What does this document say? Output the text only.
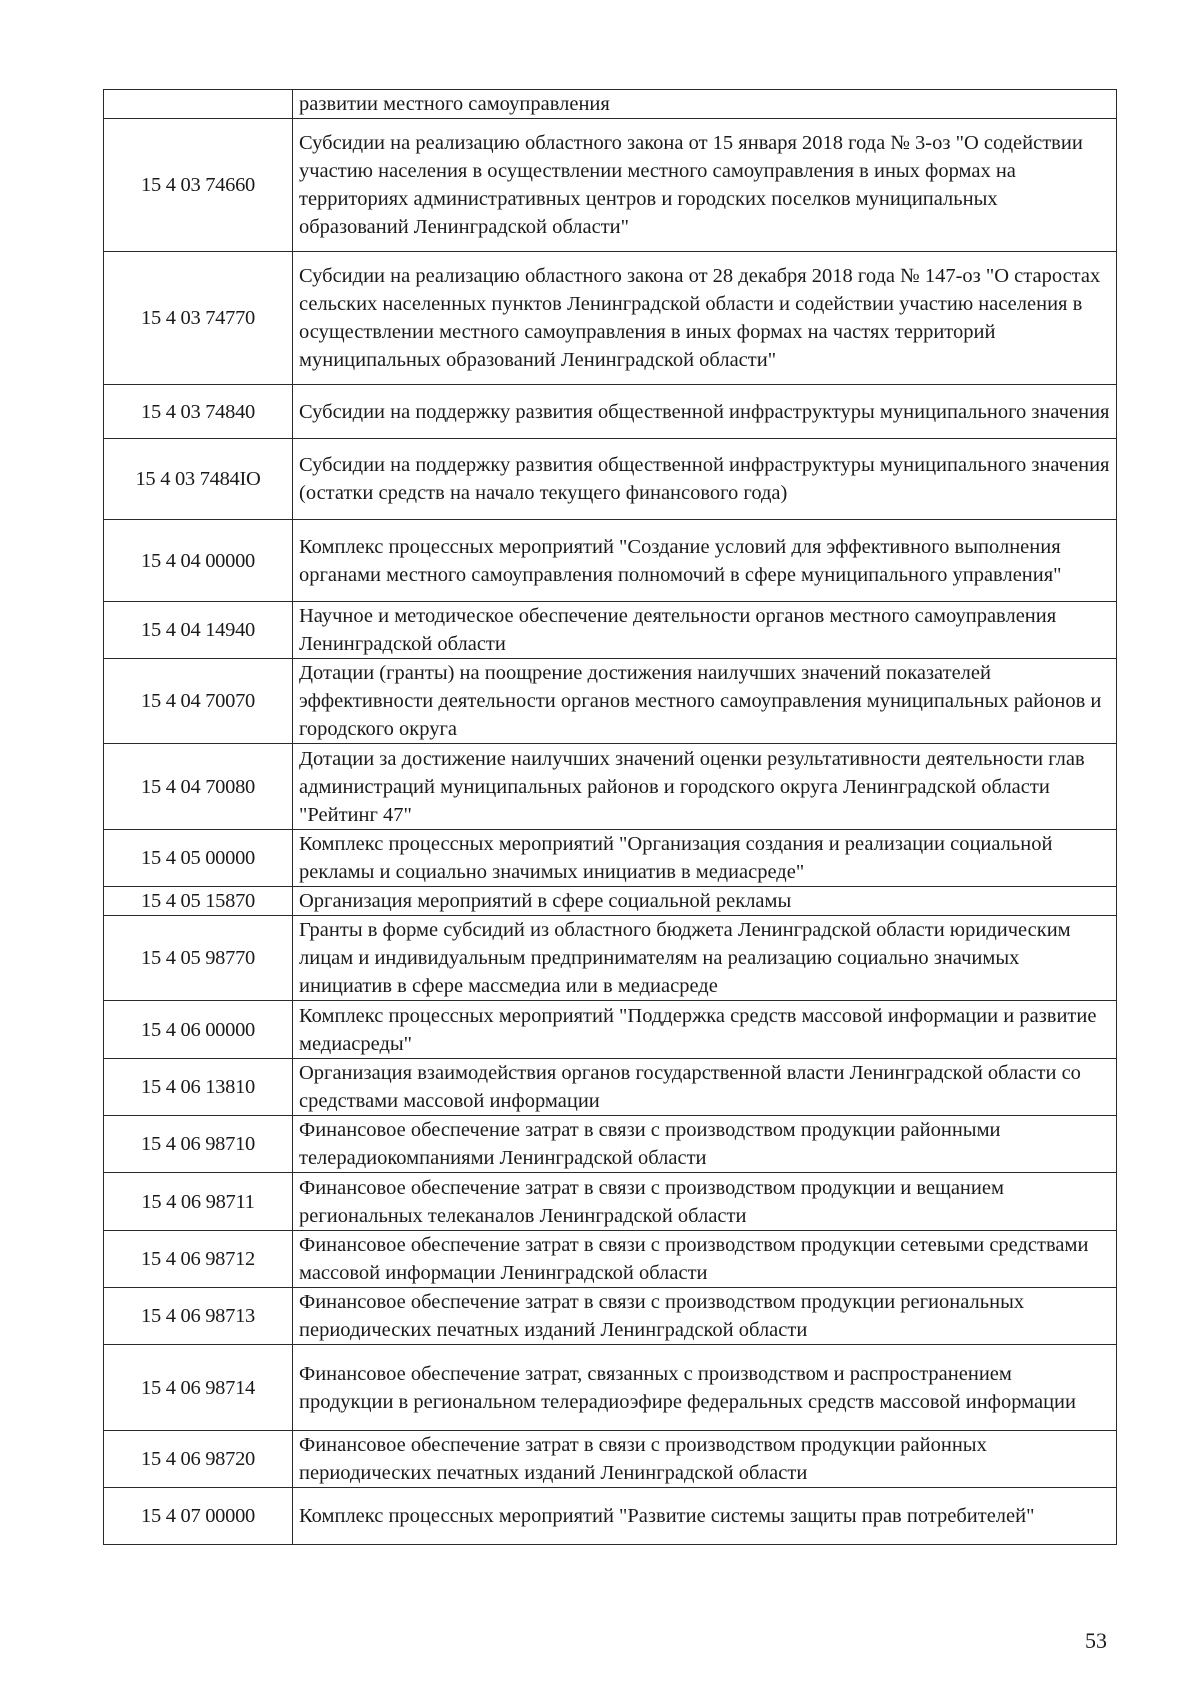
	развитии местного самоуправления
15 4 03 74660	Субсидии на реализацию областного закона от 15 января 2018 года № 3-оз "О содействии участию населения в осуществлении местного самоуправления в иных формах на территориях административных центров и городских поселков муниципальных образований Ленинградской области"
15 4 03 74770	Субсидии на реализацию областного закона от 28 декабря 2018 года № 147-оз "О старостах сельских населенных пунктов Ленинградской области и содействии участию населения в осуществлении местного самоуправления в иных формах на частях территорий муниципальных образований Ленинградской области"
15 4 03 74840	Субсидии на поддержку развития общественной инфраструктуры муниципального значения
15 4 03 7484IO	Субсидии на поддержку развития общественной инфраструктуры муниципального значения (остатки средств на начало текущего финансового года)
15 4 04 00000	Комплекс процессных мероприятий "Создание условий для эффективного выполнения органами местного самоуправления полномочий в сфере муниципального управления"
15 4 04 14940	Научное и методическое обеспечение деятельности органов местного самоуправления Ленинградской области
15 4 04 70070	Дотации (гранты) на поощрение достижения наилучших значений показателей эффективности деятельности органов местного самоуправления муниципальных районов и городского округа
15 4 04 70080	Дотации за достижение наилучших значений оценки результативности деятельности глав администраций муниципальных районов и городского округа Ленинградской области "Рейтинг 47"
15 4 05 00000	Комплекс процессных мероприятий "Организация создания и реализации социальной рекламы и социально значимых инициатив в медиасреде"
15 4 05 15870	Организация мероприятий в сфере социальной рекламы
15 4 05 98770	Гранты в форме субсидий из областного бюджета Ленинградской области юридическим лицам и индивидуальным предпринимателям на реализацию социально значимых инициатив в сфере массмедиа или в медиасреде
15 4 06 00000	Комплекс процессных мероприятий "Поддержка средств массовой информации и развитие медиасреды"
15 4 06 13810	Организация взаимодействия органов государственной власти Ленинградской области со средствами массовой информации
15 4 06 98710	Финансовое обеспечение затрат в связи с производством продукции районными телерадиокомпаниями Ленинградской области
15 4 06 98711	Финансовое обеспечение затрат в связи с производством продукции и вещанием региональных телеканалов Ленинградской области
15 4 06 98712	Финансовое обеспечение затрат в связи с производством продукции сетевыми средствами массовой информации Ленинградской области
15 4 06 98713	Финансовое обеспечение затрат в связи с производством продукции региональных периодических печатных изданий Ленинградской области
15 4 06 98714	Финансовое обеспечение затрат, связанных с производством и распространением продукции в региональном телерадиоэфире федеральных средств массовой информации
15 4 06 98720	Финансовое обеспечение затрат в связи с производством продукции районных периодических печатных изданий Ленинградской области
15 4 07 00000	Комплекс процессных мероприятий "Развитие системы защиты прав потребителей"
53
